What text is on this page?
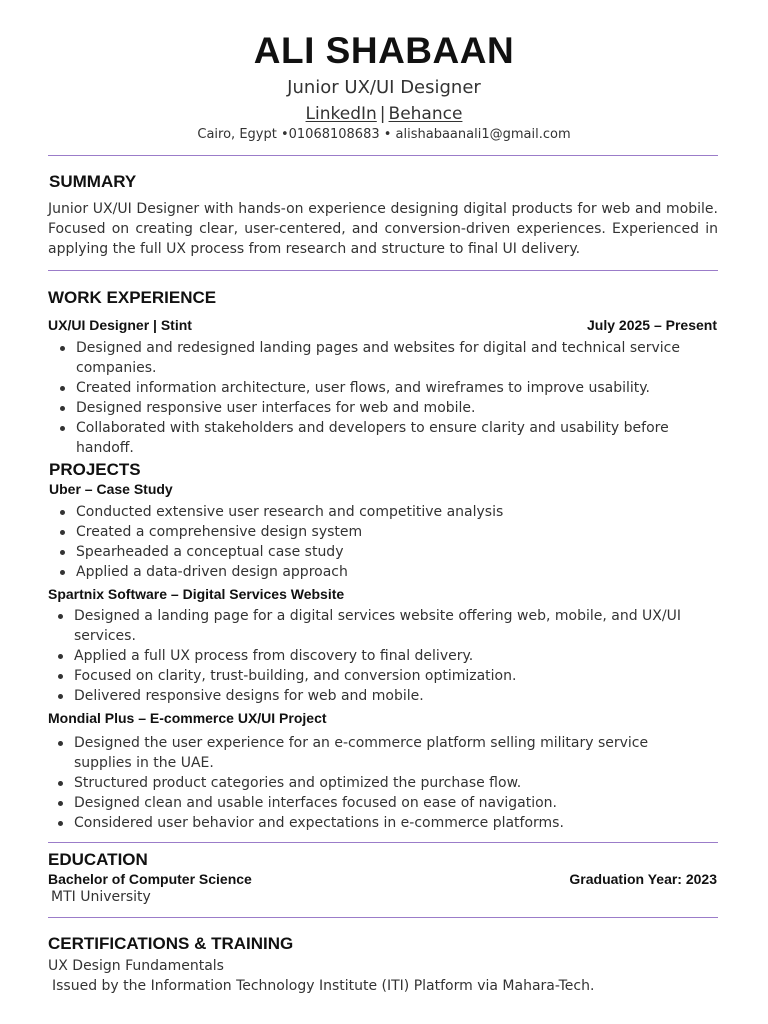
ALI SHABAAN
Junior UX/UI Designer
LinkedIn | Behance
Cairo, Egypt •01068108683 • alishabaanali1@gmail.com
SUMMARY
Junior UX/UI Designer with hands-on experience designing digital products for web and mobile. Focused on creating clear, user-centered, and conversion-driven experiences. Experienced in applying the full UX process from research and structure to final UI delivery.
WORK EXPERIENCE
UX/UI Designer | Stint	July 2025 – Present
Designed and redesigned landing pages and websites for digital and technical service companies.
Created information architecture, user flows, and wireframes to improve usability.
Designed responsive user interfaces for web and mobile.
Collaborated with stakeholders and developers to ensure clarity and usability before handoff.
PROJECTS
Uber – Case Study
Conducted extensive user research and competitive analysis
Created a comprehensive design system
Spearheaded a conceptual case study
Applied a data-driven design approach
Spartnix Software – Digital Services Website
Designed a landing page for a digital services website offering web, mobile, and UX/UI services.
Applied a full UX process from discovery to final delivery.
Focused on clarity, trust-building, and conversion optimization.
Delivered responsive designs for web and mobile.
Mondial Plus – E-commerce UX/UI Project
Designed the user experience for an e-commerce platform selling military service supplies in the UAE.
Structured product categories and optimized the purchase flow.
Designed clean and usable interfaces focused on ease of navigation.
Considered user behavior and expectations in e-commerce platforms.
EDUCATION
Bachelor of Computer Science	Graduation Year: 2023
MTI University
CERTIFICATIONS & TRAINING
UX Design Fundamentals
Issued by the Information Technology Institute (ITI) Platform via Mahara-Tech.
